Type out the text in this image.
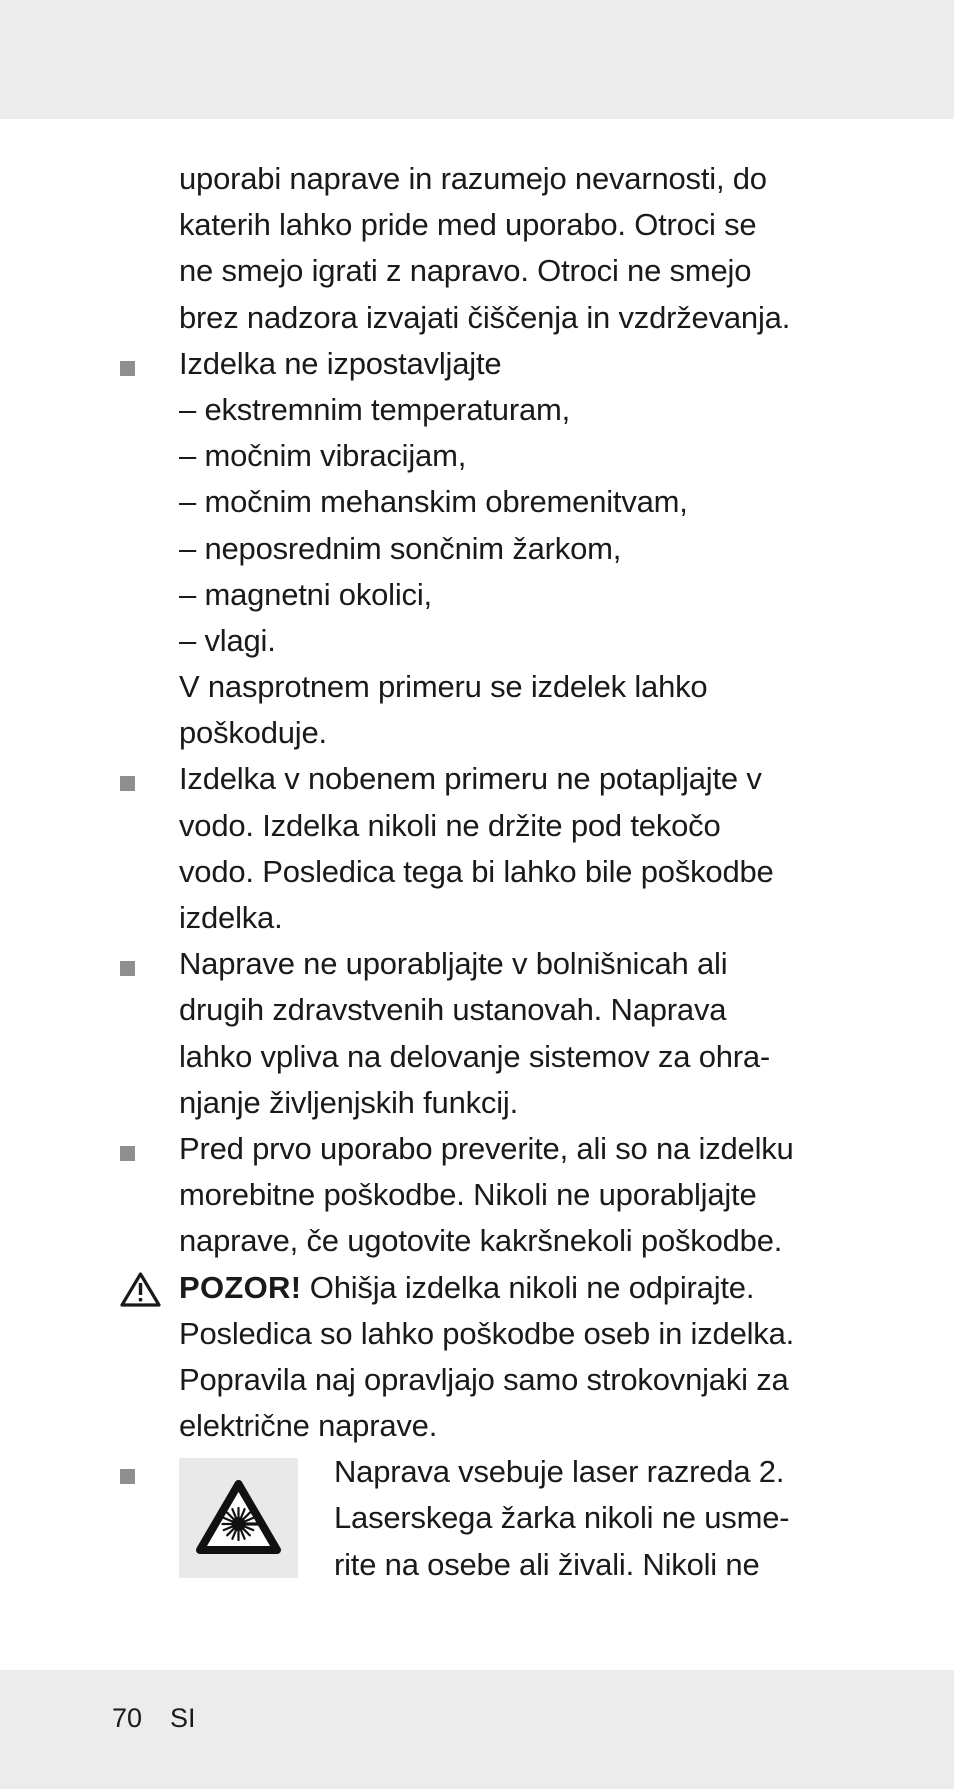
uporabi naprave in razumejo nevarnosti, do
katerih lahko pride med uporabo. Otroci se
ne smejo igrati z napravo. Otroci ne smejo
brez nadzora izvajati čiščenja in vzdrževanja.
Izdelka ne izpostavljajte
– ekstremnim temperaturam,
– močnim vibracijam,
– močnim mehanskim obremenitvam,
– neposrednim sončnim žarkom,
– magnetni okolici,
– vlagi.
V nasprotnem primeru se izdelek lahko
poškoduje.
Izdelka v nobenem primeru ne potapljajte v
vodo. Izdelka nikoli ne držite pod tekočo
vodo. Posledica tega bi lahko bile poškodbe
izdelka.
Naprave ne uporabljajte v bolnišnicah ali
drugih zdravstvenih ustanovah. Naprava
lahko vpliva na delovanje sistemov za ohra-
njanje življenjskih funkcij.
Pred prvo uporabo preverite, ali so na izdelku
morebitne poškodbe. Nikoli ne uporabljajte
naprave, če ugotovite kakršnekoli poškodbe.
POZOR! Ohišja izdelka nikoli ne odpirajte.
Posledica so lahko poškodbe oseb in izdelka.
Popravila naj opravljajo samo strokovnjaki za
električne naprave.
Naprava vsebuje laser razreda 2.
Laserskega žarka nikoli ne usme-
rite na osebe ali živali. Nikoli ne
70 SI
